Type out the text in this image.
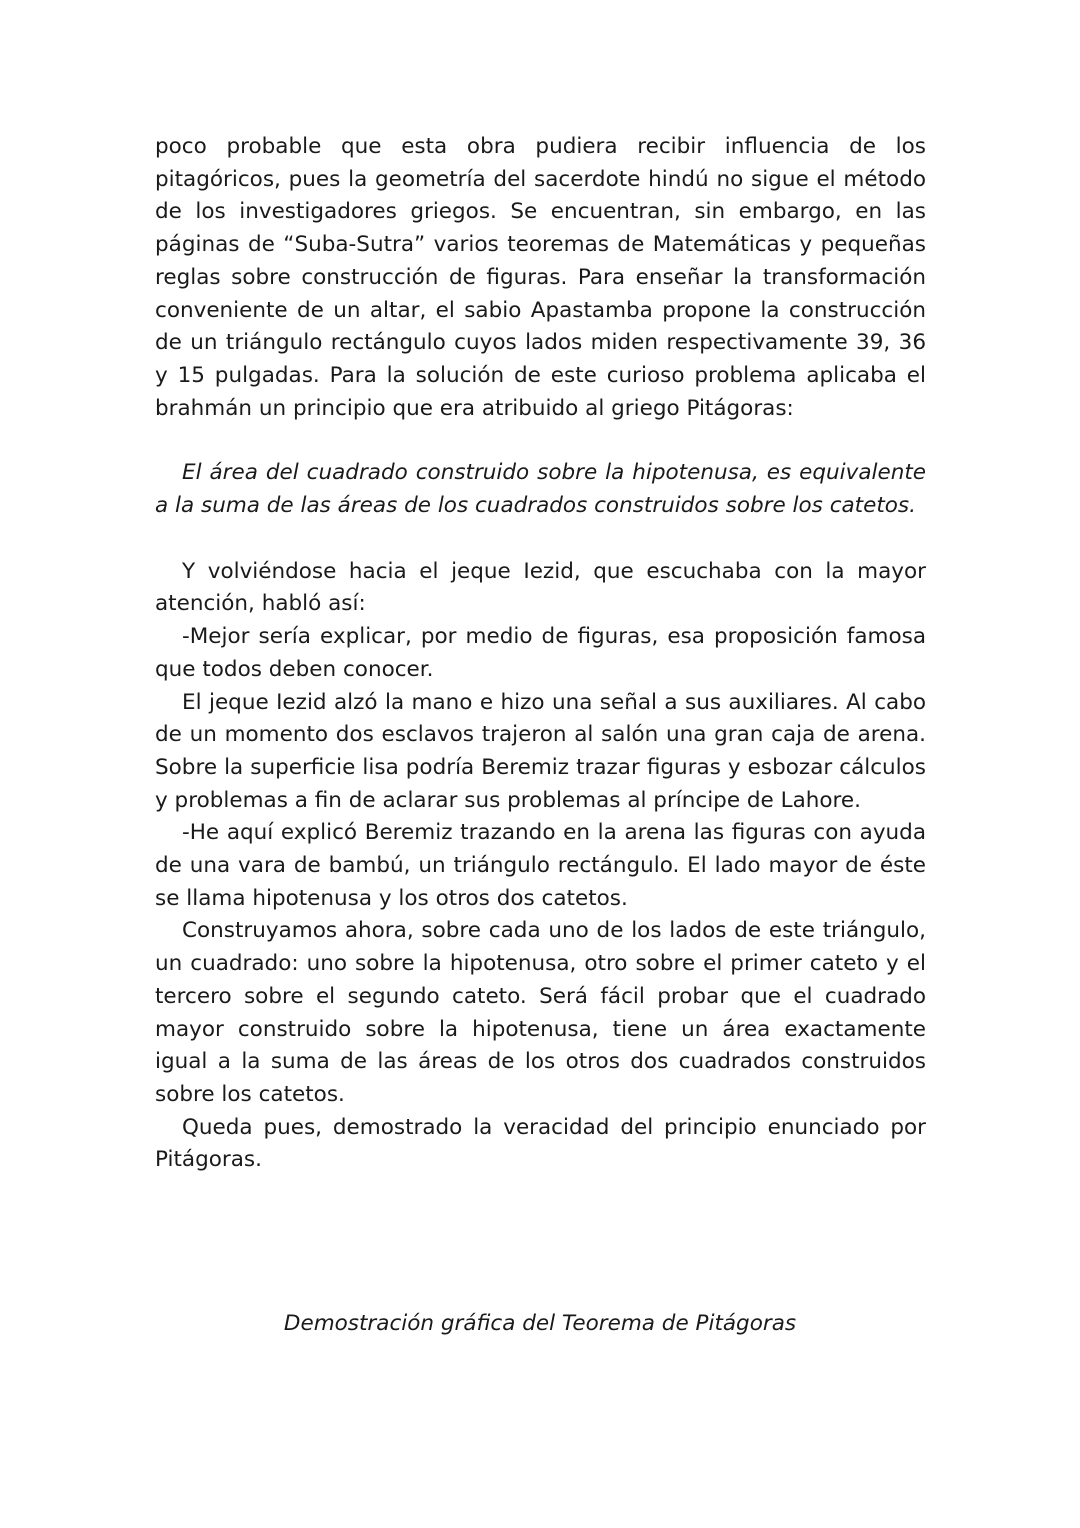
poco probable que esta obra pudiera recibir influencia de los pitagóricos, pues la geometría del sacerdote hindú no sigue el método de los investigadores griegos. Se encuentran, sin embargo, en las páginas de “Suba-Sutra” varios teoremas de Matemáticas y pequeñas reglas sobre construcción de figuras. Para enseñar la transformación conveniente de un altar, el sabio Apastamba propone la construcción de un triángulo rectángulo cuyos lados miden respectivamente 39, 36 y 15 pulgadas. Para la solución de este curioso problema aplicaba el brahmán un principio que era atribuido al griego Pitágoras:

El área del cuadrado construido sobre la hipotenusa, es equivalente a la suma de las áreas de los cuadrados construidos sobre los catetos.

Y volviéndose hacia el jeque Iezid, que escuchaba con la mayor atención, habló así:

-Mejor sería explicar, por medio de figuras, esa proposición famosa que todos deben conocer.

El jeque Iezid alzó la mano e hizo una señal a sus auxiliares. Al cabo de un momento dos esclavos trajeron al salón una gran caja de arena. Sobre la superficie lisa podría Beremiz trazar figuras y esbozar cálculos y problemas a fin de aclarar sus problemas al príncipe de Lahore.

-He aquí explicó Beremiz trazando en la arena las figuras con ayuda de una vara de bambú, un triángulo rectángulo. El lado mayor de éste se llama hipotenusa y los otros dos catetos.

Construyamos ahora, sobre cada uno de los lados de este triángulo, un cuadrado: uno sobre la hipotenusa, otro sobre el primer cateto y el tercero sobre el segundo cateto. Será fácil probar que el cuadrado mayor construido sobre la hipotenusa, tiene un área exactamente igual a la suma de las áreas de los otros dos cuadrados construidos sobre los catetos.

Queda pues, demostrado la veracidad del principio enunciado por Pitágoras.

Demostración gráfica del Teorema de Pitágoras
